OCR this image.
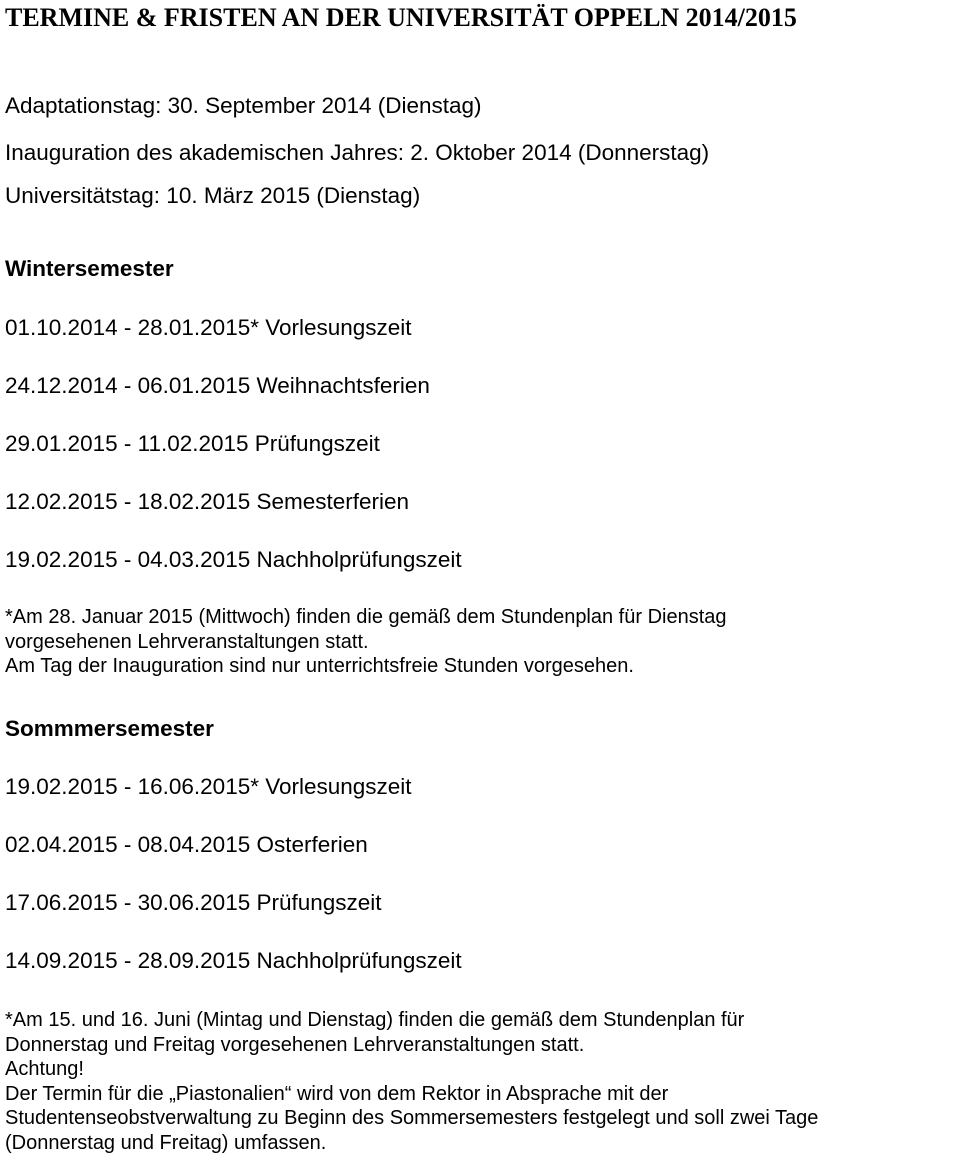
TERMINE & FRISTEN AN DER UNIVERSITÄT OPPELN 2014/2015

Adaptationstag: 30. September 2014 (Dienstag)

Inauguration des akademischen Jahres: 2. Oktober 2014 (Donnerstag)

Universitätstag: 10. März 2015 (Dienstag)

Wintersemester

01.10.2014 - 28.01.2015* Vorlesungszeit

24.12.2014 - 06.01.2015 Weihnachtsferien

29.01.2015 - 11.02.2015 Prüfungszeit

12.02.2015 - 18.02.2015 Semesterferien

19.02.2015 - 04.03.2015 Nachholprüfungszeit

*Am 28. Januar 2015 (Mittwoch) finden die gemäß dem Stundenplan für Dienstag
vorgesehenen Lehrveranstaltungen statt.
Am Tag der Inauguration sind nur unterrichtsfreie Stunden vorgesehen.
Sommmersemester

19.02.2015 - 16.06.2015* Vorlesungszeit

02.04.2015 - 08.04.2015 Osterferien

17.06.2015 - 30.06.2015 Prüfungszeit

14.09.2015 - 28.09.2015 Nachholprüfungszeit

*Am 15. und 16. Juni (Mintag und Dienstag) finden die gemäß dem Stundenplan für
Donnerstag und Freitag vorgesehenen Lehrveranstaltungen statt.
Achtung!
Der Termin für die „Piastonalien“ wird von dem Rektor in Absprache mit der
Studentenseobstverwaltung zu Beginn des Sommersemesters festgelegt und soll zwei Tage
(Donnerstag und Freitag) umfassen.
